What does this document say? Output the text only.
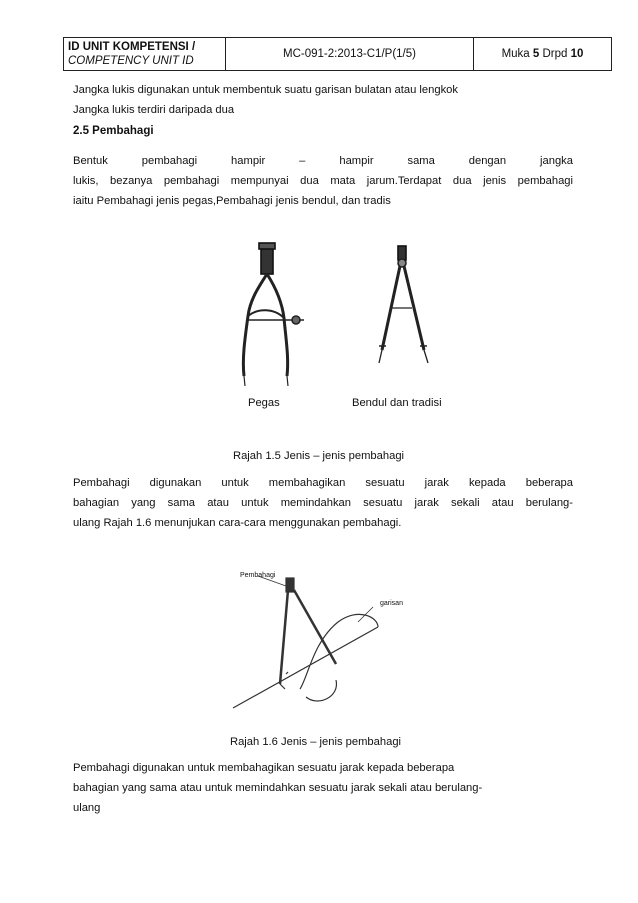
ID UNIT KOMPETENSI /
COMPETENCY UNIT ID
MC-091-2:2013-C1/P(1/5)	Muka 5 Drpd 10
Jangka lukis digunakan untuk membentuk suatu garisan bulatan atau lengkok
Jangka lukis terdiri daripada dua
2.5 Pembahagi
Bentuk pembahagi hampir – hampir sama dengan jangka
lukis, bezanya pembahagi mempunyai dua mata jarum.Terdapat dua jenis pembahagi
iaitu Pembahagi jenis pegas,Pembahagi jenis bendul, dan tradis
Pegas	Bendul dan tradisi
Rajah 1.5 Jenis – jenis pembahagi
Pembahagi digunakan untuk membahagikan sesuatu jarak kepada beberapa
bahagian yang sama atau untuk memindahkan sesuatu jarak sekali atau berulang-
ulang Rajah 1.6 menunjukan cara-cara menggunakan pembahagi.
Pembahagi
garisan
Rajah 1.6 Jenis – jenis pembahagi
Pembahagi digunakan untuk membahagikan sesuatu jarak kepada beberapa
bahagian yang sama atau untuk memindahkan sesuatu jarak sekali atau berulang-
ulang
